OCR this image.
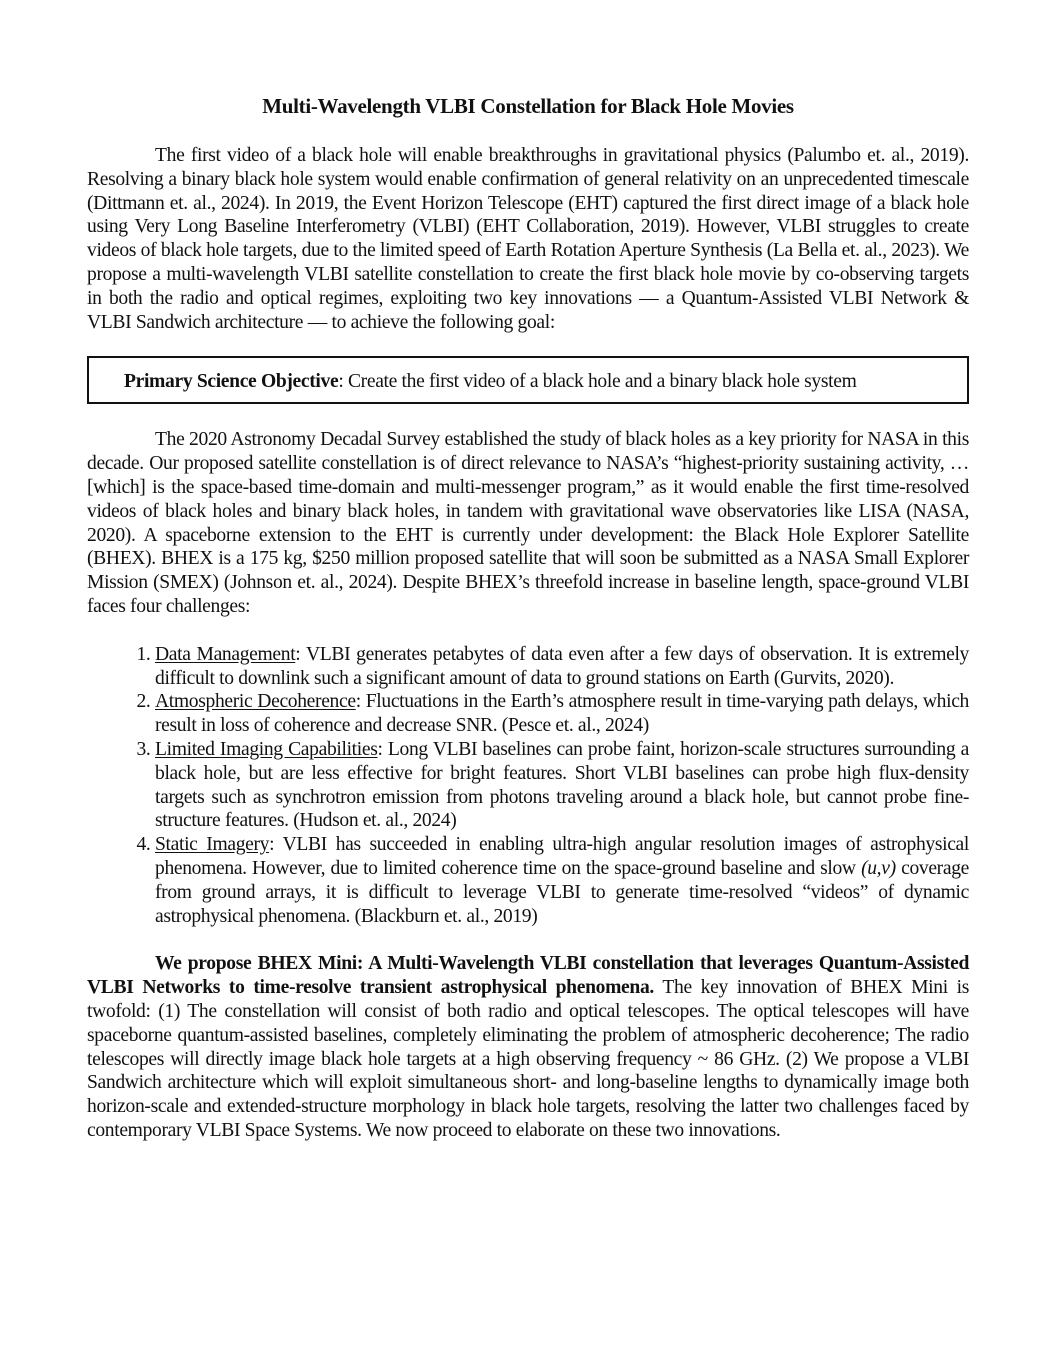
Multi-Wavelength VLBI Constellation for Black Hole Movies

The first video of a black hole will enable breakthroughs in gravitational physics (Palumbo et. al., 2019). Resolving a binary black hole system would enable confirmation of general relativity on an unprecedented timescale (Dittmann et. al., 2024). In 2019, the Event Horizon Telescope (EHT) captured the first direct image of a black hole using Very Long Baseline Interferometry (VLBI) (EHT Collaboration, 2019). However, VLBI struggles to create videos of black hole targets, due to the limited speed of Earth Rotation Aperture Synthesis (La Bella et. al., 2023). We propose a multi-wavelength VLBI satellite constellation to create the first black hole movie by co-observing targets in both the radio and optical regimes, exploiting two key innovations — a Quantum-Assisted VLBI Network & VLBI Sandwich architecture — to achieve the following goal:

Primary Science Objective: Create the first video of a black hole and a binary black hole system

The 2020 Astronomy Decadal Survey established the study of black holes as a key priority for NASA in this decade. Our proposed satellite constellation is of direct relevance to NASA’s “highest-priority sustaining activity, … [which] is the space-based time-domain and multi-messenger program,” as it would enable the first time-resolved videos of black holes and binary black holes, in tandem with gravitational wave observatories like LISA (NASA, 2020). A spaceborne extension to the EHT is currently under development: the Black Hole Explorer Satellite (BHEX). BHEX is a 175 kg, $250 million proposed satellite that will soon be submitted as a NASA Small Explorer Mission (SMEX) (Johnson et. al., 2024). Despite BHEX’s threefold increase in baseline length, space-ground VLBI faces four challenges:

1. Data Management: VLBI generates petabytes of data even after a few days of observation. It is extremely difficult to downlink such a significant amount of data to ground stations on Earth (Gurvits, 2020).
2. Atmospheric Decoherence: Fluctuations in the Earth’s atmosphere result in time-varying path delays, which result in loss of coherence and decrease SNR. (Pesce et. al., 2024)
3. Limited Imaging Capabilities: Long VLBI baselines can probe faint, horizon-scale structures surrounding a black hole, but are less effective for bright features. Short VLBI baselines can probe high flux-density targets such as synchrotron emission from photons traveling around a black hole, but cannot probe fine-structure features. (Hudson et. al., 2024)
4. Static Imagery: VLBI has succeeded in enabling ultra-high angular resolution images of astrophysical phenomena. However, due to limited coherence time on the space-ground baseline and slow (u,v) coverage from ground arrays, it is difficult to leverage VLBI to generate time-resolved “videos” of dynamic astrophysical phenomena. (Blackburn et. al., 2019)

We propose BHEX Mini: A Multi-Wavelength VLBI constellation that leverages Quantum-Assisted VLBI Networks to time-resolve transient astrophysical phenomena. The key innovation of BHEX Mini is twofold: (1) The constellation will consist of both radio and optical telescopes. The optical telescopes will have spaceborne quantum-assisted baselines, completely eliminating the problem of atmospheric decoherence; The radio telescopes will directly image black hole targets at a high observing frequency ~ 86 GHz. (2) We propose a VLBI Sandwich architecture which will exploit simultaneous short- and long-baseline lengths to dynamically image both horizon-scale and extended-structure morphology in black hole targets, resolving the latter two challenges faced by contemporary VLBI Space Systems. We now proceed to elaborate on these two innovations.
